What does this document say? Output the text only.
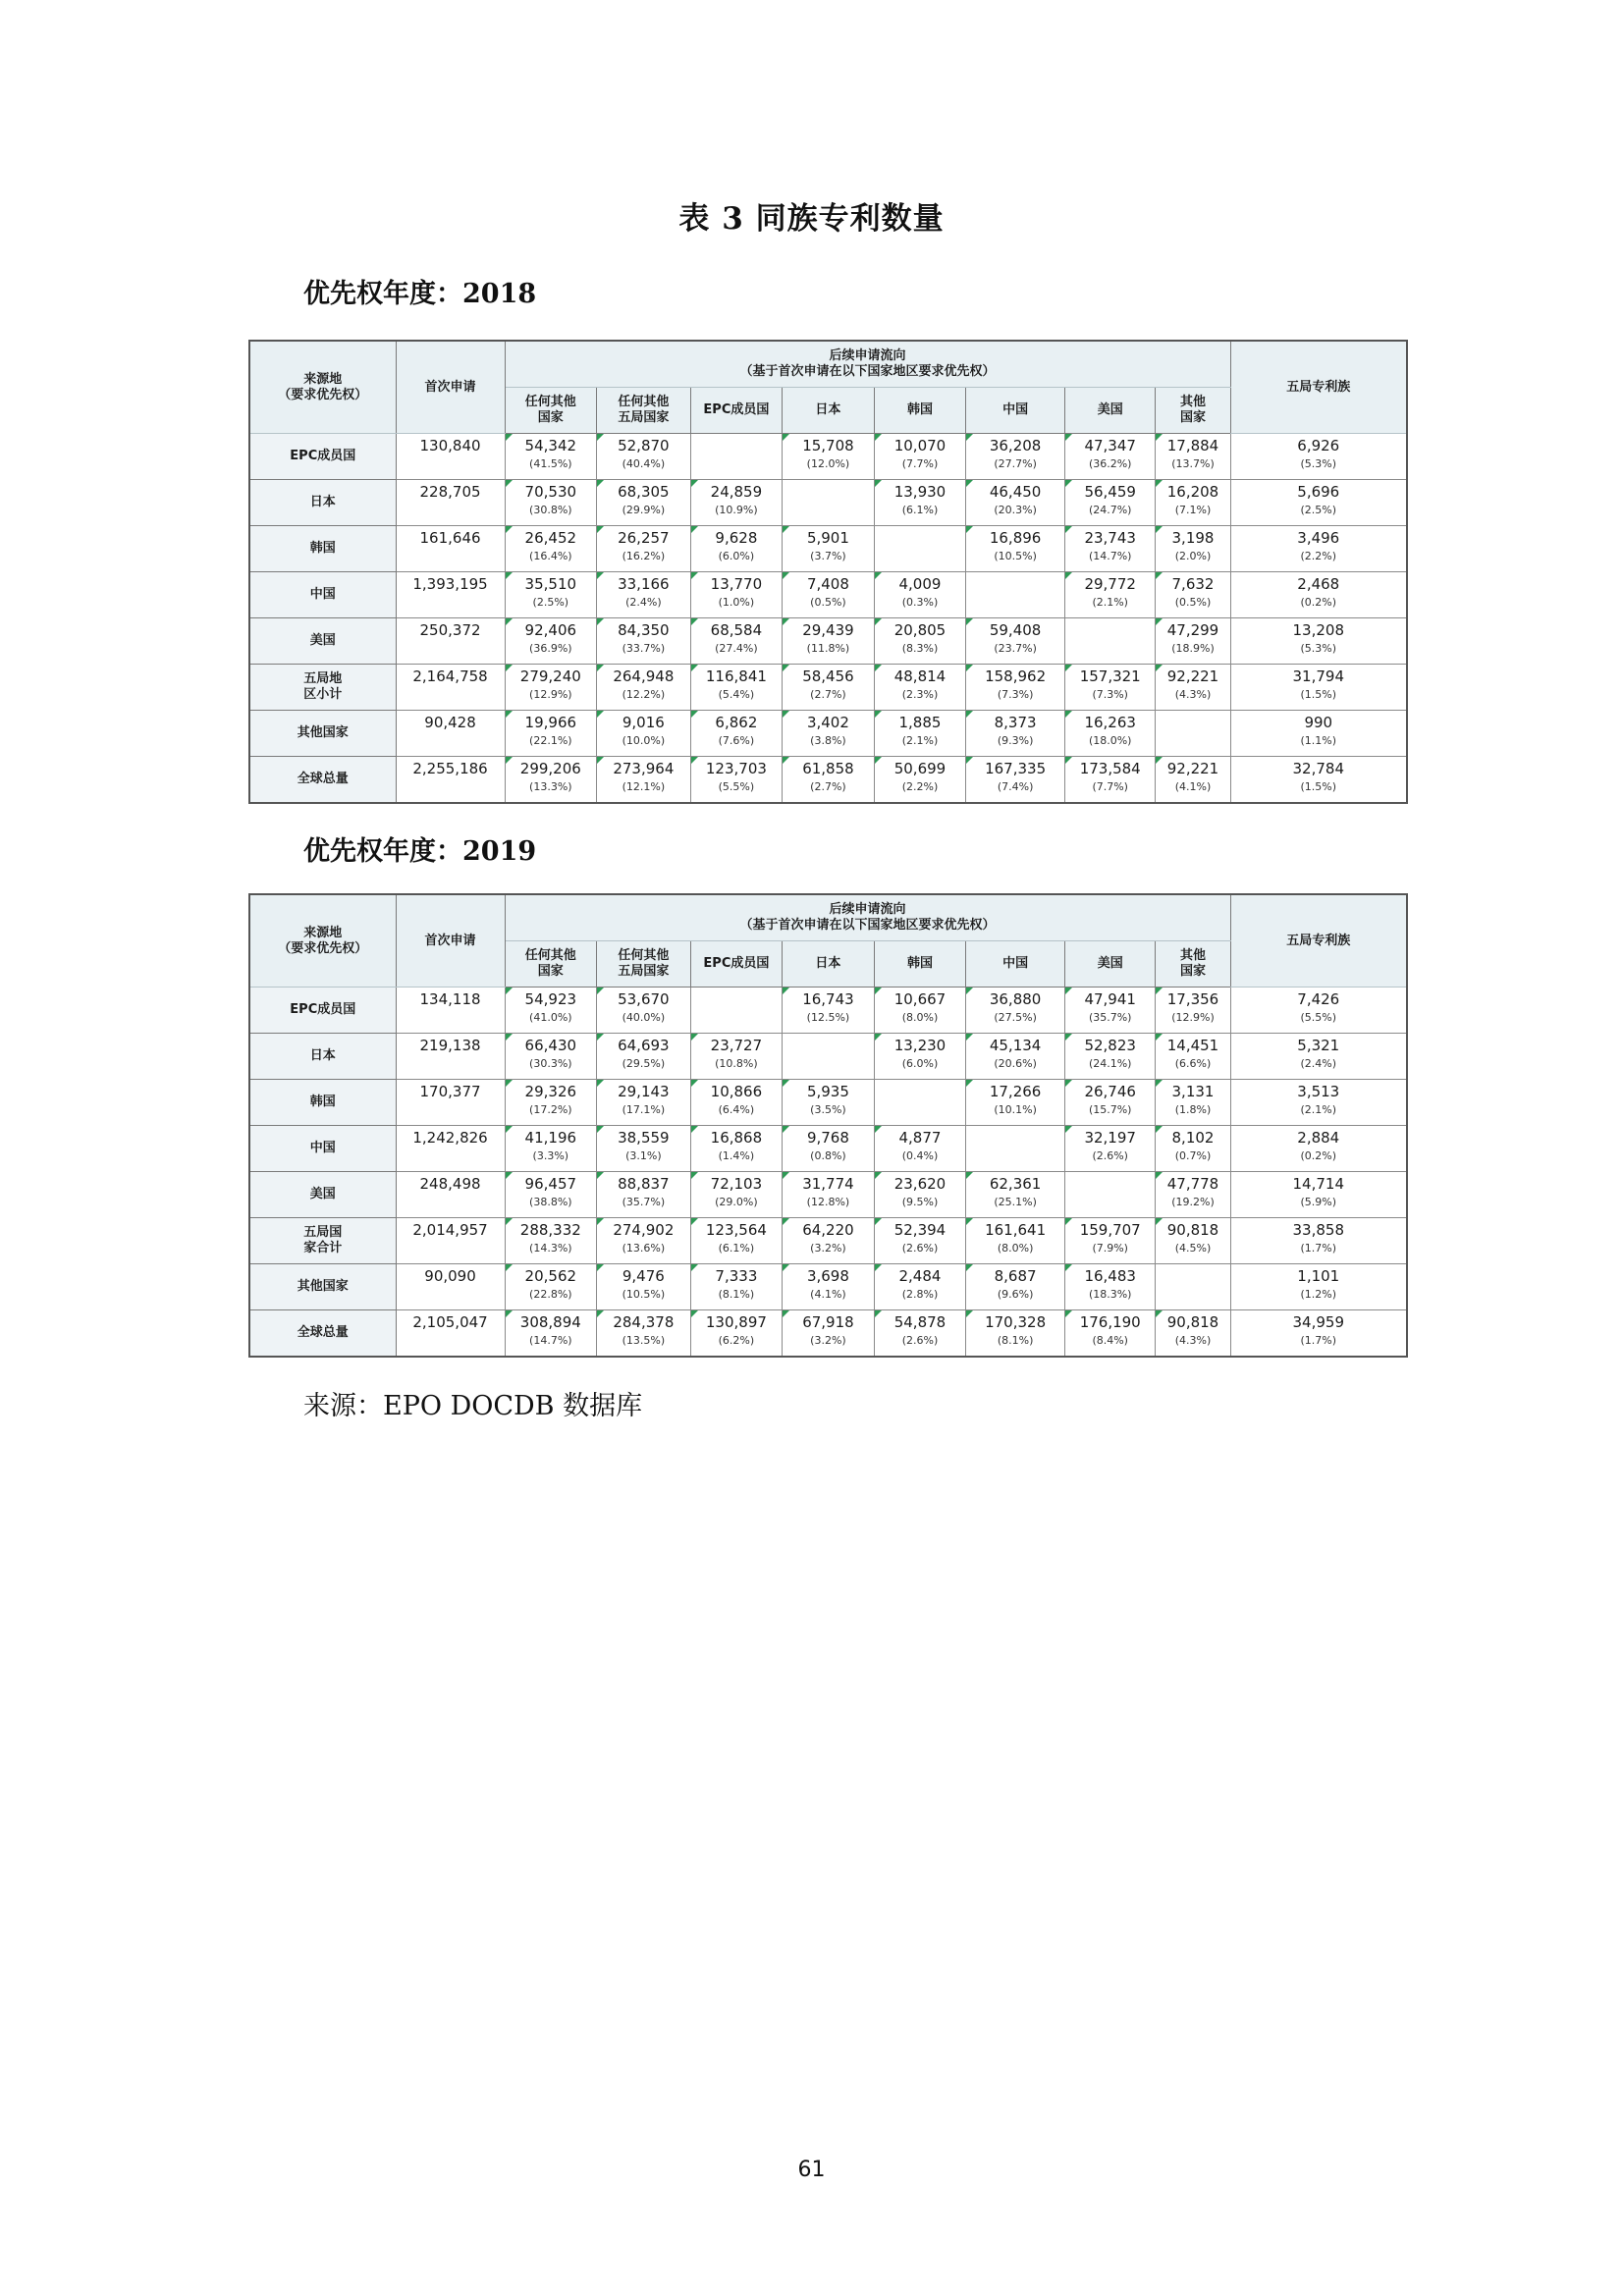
表 3 同族专利数量
优先权年度：2018
来源地
（要求优先权）	首次申请	后续申请流向
（基于首次申请在以下国家地区要求优先权）								五局专利族
		任何其他
国家	任何其他
五局国家	EPC成员国	日本	韩国	中国	美国	其他
国家	
EPC成员国	130,840	54,342
(41.5%)	52,870
(40.4%)		15,708
(12.0%)	10,070
(7.7%)	36,208
(27.7%)	47,347
(36.2%)	17,884
(13.7%)	6,926
(5.3%)

日本	228,705	70,530
(30.8%)	68,305
(29.9%)	24,859
(10.9%)		13,930
(6.1%)	46,450
(20.3%)	56,459
(24.7%)	16,208
(7.1%)	5,696
(2.5%)

韩国	161,646	26,452
(16.4%)	26,257
(16.2%)	9,628
(6.0%)	5,901
(3.7%)		16,896
(10.5%)	23,743
(14.7%)	3,198
(2.0%)	3,496
(2.2%)

中国	1,393,195	35,510
(2.5%)	33,166
(2.4%)	13,770
(1.0%)	7,408
(0.5%)	4,009
(0.3%)		29,772
(2.1%)	7,632
(0.5%)	2,468
(0.2%)

美国	250,372	92,406
(36.9%)	84,350
(33.7%)	68,584
(27.4%)	29,439
(11.8%)	20,805
(8.3%)	59,408
(23.7%)		47,299
(18.9%)	13,208
(5.3%)

五局地
区小计	2,164,758	279,240
(12.9%)	264,948
(12.2%)	116,841
(5.4%)	58,456
(2.7%)	48,814
(2.3%)	158,962
(7.3%)	157,321
(7.3%)	92,221
(4.3%)	31,794
(1.5%)

其他国家	90,428	19,966
(22.1%)	9,016
(10.0%)	6,862
(7.6%)	3,402
(3.8%)	1,885
(2.1%)	8,373
(9.3%)	16,263
(18.0%)		990
(1.1%)

全球总量	2,255,186	299,206
(13.3%)	273,964
(12.1%)	123,703
(5.5%)	61,858
(2.7%)	50,699
(2.2%)	167,335
(7.4%)	173,584
(7.7%)	92,221
(4.1%)	32,784
(1.5%)
优先权年度：2019
来源地
（要求优先权）	首次申请	后续申请流向
（基于首次申请在以下国家地区要求优先权）								五局专利族
		任何其他
国家	任何其他
五局国家	EPC成员国	日本	韩国	中国	美国	其他
国家	
EPC成员国	134,118	54,923
(41.0%)	53,670
(40.0%)		16,743
(12.5%)	10,667
(8.0%)	36,880
(27.5%)	47,941
(35.7%)	17,356
(12.9%)	7,426
(5.5%)

日本	219,138	66,430
(30.3%)	64,693
(29.5%)	23,727
(10.8%)		13,230
(6.0%)	45,134
(20.6%)	52,823
(24.1%)	14,451
(6.6%)	5,321
(2.4%)

韩国	170,377	29,326
(17.2%)	29,143
(17.1%)	10,866
(6.4%)	5,935
(3.5%)		17,266
(10.1%)	26,746
(15.7%)	3,131
(1.8%)	3,513
(2.1%)

中国	1,242,826	41,196
(3.3%)	38,559
(3.1%)	16,868
(1.4%)	9,768
(0.8%)	4,877
(0.4%)		32,197
(2.6%)	8,102
(0.7%)	2,884
(0.2%)

美国	248,498	96,457
(38.8%)	88,837
(35.7%)	72,103
(29.0%)	31,774
(12.8%)	23,620
(9.5%)	62,361
(25.1%)		47,778
(19.2%)	14,714
(5.9%)

五局国
家合计	2,014,957	288,332
(14.3%)	274,902
(13.6%)	123,564
(6.1%)	64,220
(3.2%)	52,394
(2.6%)	161,641
(8.0%)	159,707
(7.9%)	90,818
(4.5%)	33,858
(1.7%)

其他国家	90,090	20,562
(22.8%)	9,476
(10.5%)	7,333
(8.1%)	3,698
(4.1%)	2,484
(2.8%)	8,687
(9.6%)	16,483
(18.3%)		1,101
(1.2%)

全球总量	2,105,047	308,894
(14.7%)	284,378
(13.5%)	130,897
(6.2%)	67,918
(3.2%)	54,878
(2.6%)	170,328
(8.1%)	176,190
(8.4%)	90,818
(4.3%)	34,959
(1.7%)
来源：EPO DOCDB 数据库
61
